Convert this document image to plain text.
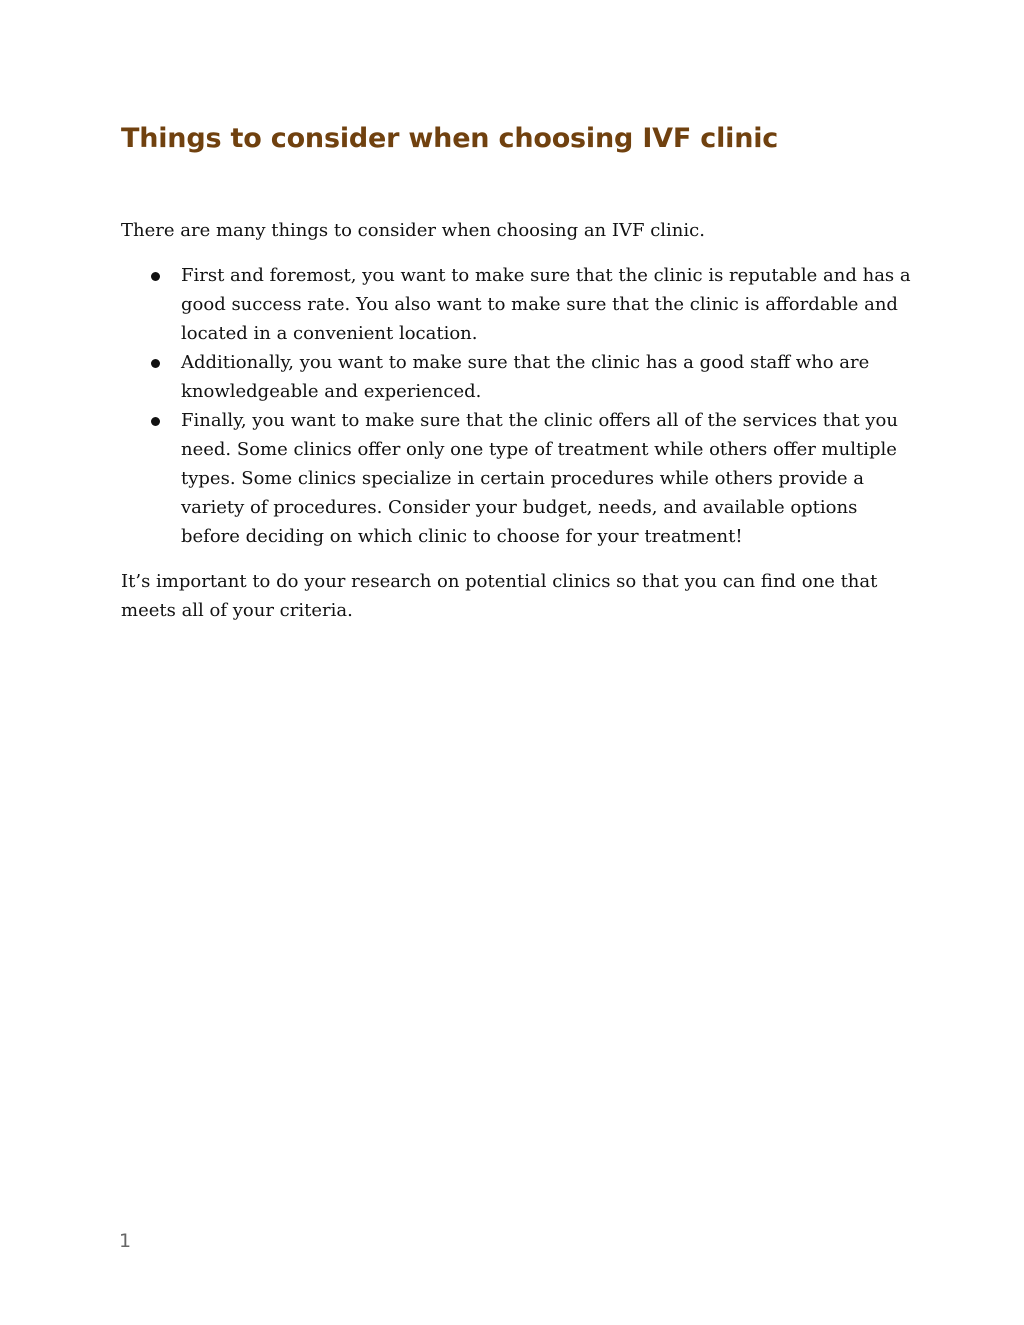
Things to consider when choosing IVF clinic

There are many things to consider when choosing an IVF clinic.

First and foremost, you want to make sure that the clinic is reputable and has a good success rate. You also want to make sure that the clinic is affordable and located in a convenient location.
Additionally, you want to make sure that the clinic has a good staff who are knowledgeable and experienced.
Finally, you want to make sure that the clinic offers all of the services that you need. Some clinics offer only one type of treatment while others offer multiple types. Some clinics specialize in certain procedures while others provide a variety of procedures. Consider your budget, needs, and available options before deciding on which clinic to choose for your treatment!

It’s important to do your research on potential clinics so that you can find one that meets all of your criteria.

1
